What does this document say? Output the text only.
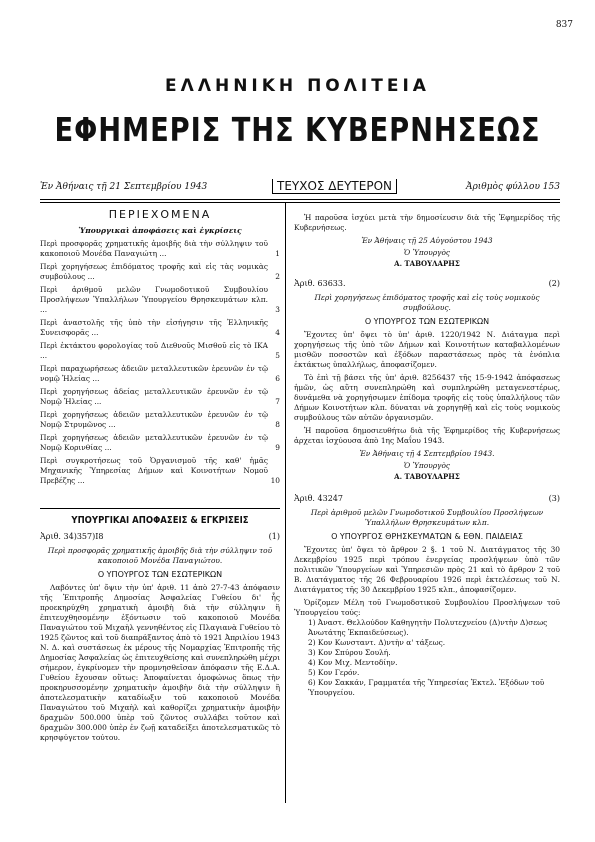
837
ΕΛΛΗΝΙΚΗ ΠΟΛΙΤΕΙΑ
ΕΦΗΜΕΡΙΣ ΤΗΣ ΚΥΒΕΡΝΗΣΕΩΣ
Ἐν Ἀθήναις τῇ 21 Σεπτεμβρίου 1943	ΤΕΥΧΟΣ ΔΕΥΤΕΡΟΝ	Ἀριθμὸς φύλλου 153
ΠΕΡΙΕΧΟΜΕΝΑ
Ὑπουργικαὶ ἀποφάσεις καὶ ἐγκρίσεις
Περὶ προσφορᾶς χρηματικῆς ἀμοιβῆς διὰ τὴν σύλληψιν τοῦ κακοποιοῦ Μονέδα Παναγιώτη ...	1
Περὶ χορηγήσεως ἐπιδόματος τροφῆς καὶ εἰς τὰς νομικὰς συμβούλους ...	2
Περὶ ἀριθμοῦ μελῶν Γνωμοδοτικοῦ Συμβουλίου Προσλήψεων Ὑπαλλήλων Ὑπουργείου Θρησκευμάτων κλπ. ...	3
Περὶ ἀναστολῆς τῆς ὑπὸ τὴν εἰσήγησιν τῆς Ἐλληνικῆς Συνεισφορᾶς ...	4
Περὶ ἐκτάκτου φορολογίας τοῦ Διεθνοῦς Μισθοῦ εἰς τὸ ΙΚΑ ...	5
Περὶ παραχωρήσεως ἀδειῶν μεταλλευτικῶν ἐρευνῶν ἐν τῷ νομῷ Ἠλείας ...	6
Περὶ χορηγήσεως ἀδείας μεταλλευτικῶν ἐρευνῶν ἐν τῷ Νομῷ Ἠλείας ...	7
Περὶ χορηγήσεως ἀδειῶν μεταλλευτικῶν ἐρευνῶν ἐν τῷ Νομῷ Στρυμῶνος ...	8
Περὶ χορηγήσεως ἀδειῶν μεταλλευτικῶν ἐρευνῶν ἐν τῷ Νομῷ Κορινθίας ...	9
Περὶ συγκροτήσεως τοῦ Ὀργανισμοῦ τῆς καθ' ἡμᾶς Μηχανικῆς Ὑπηρεσίας Δήμων καὶ Κοινοτήτων Νομοῦ Πρεβέζης ...	10
ΥΠΟΥΡΓΙΚΑΙ ΑΠΟΦΑΣΕΙΣ & ΕΓΚΡΙΣΕΙΣ
Ἀριθ. 34)357)Ι8	(1)
Περὶ προσφορᾶς χρηματικῆς ἀμοιβῆς διὰ τὴν σύλληψιν τοῦ κακοποιοῦ Μονέδα Παναγιώτου.
Ο ΥΠΟΥΡΓΟΣ ΤΩΝ ΕΣΩΤΕΡΙΚΩΝ
Λαβόντες ὑπ' ὄψιν τὴν ὑπ' ἀριθ. 11 ἀπὸ 27-7-43 ἀπόφασιν τῆς Ἐπιτροπῆς Δημοσίας Ἀσφαλείας Γυθείου δι' ἧς προεκηρύχθη χρηματικὴ ἀμοιβὴ διὰ τὴν σύλληψιν ἢ ἐπιτευχθησομένην ἐξόντωσιν τοῦ κακοποιοῦ Μονέδα Παναγιώτου τοῦ Μιχαὴλ γεννηθέντος εἰς Πλαγιανὰ Γυθείου τὸ 1925 ζῶντος καὶ τοῦ διαπράξαντος ἀπὸ τὸ 1921 Ἀπριλίου 1943 Ν. Δ. καὶ συστάσεως ἐκ μέρους τῆς Νομαρχίας Ἐπιτροπῆς τῆς Δημοσίας Ἀσφαλείας ὡς ἐπιτευχθείσης καὶ συνεπληρώθη μέχρι σήμερον, ἐγκρίνομεν τὴν προμνησθεῖσαν ἀπόφασιν τῆς Ε.Δ.Α. Γυθείου ἔχουσαν οὕτως: Ἀποφαίνεται ὁμοφώνως ὅπως τὴν προκηρυσσομένην χρηματικὴν ἀμοιβὴν διὰ τὴν σύλληψιν ἢ ἀποτελεσματικὴν καταδίωξιν τοῦ κακοποιοῦ Μονέδα Παναγιώτου τοῦ Μιχαὴλ καὶ καθορίζει χρηματικὴν ἀμοιβὴν δραχμῶν 500.000 ὑπὲρ τοῦ ζῶντος συλλάβει τοῦτον καὶ δραχμῶν 300.000 ὑπὲρ ἐν ζωῇ καταδείξει ἀποτελεσματικῶς τὸ κρησφύγετον τούτου.
Ἡ παροῦσα ἰσχύει μετὰ τὴν δημοσίευσιν διὰ τῆς Ἐφημερίδος τῆς Κυβερνήσεως.
Ἐν Ἀθήναις τῇ 25 Αὐγούστου 1943
Ὁ Ὑπουργὸς
Α. ΤΑΒΟΥΛΑΡΗΣ
Ἀριθ. 63633.	(2)
Περὶ χορηγήσεως ἐπιδόματος τροφῆς καὶ εἰς τοὺς νομικοὺς συμβούλους.
Ο ΥΠΟΥΡΓΟΣ ΤΩΝ ΕΣΩΤΕΡΙΚΩΝ
Ἔχοντες ὑπ' ὄψει τὸ ὑπ' ἀριθ. 1220/1942 Ν. Διάταγμα περὶ χορηγήσεως τῆς ὑπὸ τῶν Δήμων καὶ Κοινοτήτων καταβαλλομένων μισθῶν ποσοστῶν καὶ ἐξόδων παραστάσεως πρὸς τὰ ἐνόπλια ἐκτάκτως ὑπαλλήλως, ἀποφασίζομεν.
Τὸ ἐπὶ τῇ βάσει τῆς ὑπ' ἀριθ. 8256437 τῆς 15-9-1942 ἀπόφασεως ἡμῶν, ὡς αὕτη συνεπληρώθη καὶ συμπληρώθη μεταγενεστέρως, δυνάμεθα νὰ χορηγήσωμεν ἐπίδομα τροφῆς εἰς τοὺς ὑπαλλήλους τῶν Δήμων Κοινοτήτων κλπ. δύναται νὰ χορηγηθῇ καὶ εἰς τοὺς νομικοὺς συμβούλους τῶν αὐτῶν ὀργανισμῶν.
Ἡ παροῦσα δημοσιευθήτω διὰ τῆς Ἐφημερίδος τῆς Κυβερνήσεως ἀρχεται ἰσχύουσα ἀπὸ 1ης Μαΐου 1943.
Ἐν Ἀθήναις τῇ 4 Σεπτεμβρίου 1943.
Ὁ Ὑπουργὸς
Α. ΤΑΒΟΥΛΑΡΗΣ
Ἀριθ. 43247	(3)
Περὶ ἀριθμοῦ μελῶν Γνωμοδοτικοῦ Συμβουλίου Προσλήψεων Ὑπαλλήλων Θρησκευμάτων κλπ.
Ο ΥΠΟΥΡΓΟΣ ΘΡΗΣΚΕΥΜΑΤΩΝ & ΕΘΝ. ΠΑΙΔΕΙΑΣ
Ἔχοντες ὑπ' ὄψει τὸ ἄρθρον 2 §. 1 τοῦ Ν. Διατάγματος τῆς 30 Δεκεμβρίου 1925 περὶ τρόπου ἐνεργείας προσλήψεων ὑπὸ τῶν πολιτικῶν Ὑπουργείων καὶ Ὑπηρεσιῶν πρὸς 21 καὶ τὸ ἄρθρον 2 τοῦ Β. Διατάγματος τῆς 26 Φεβρουαρίου 1926 περὶ ἐκτελέσεως τοῦ Ν. Διατάγματος τῆς 30 Δεκεμβρίου 1925 κλπ., ἀποφασίζομεν.
Ὁρίζομεν Μέλη τοῦ Γνωμοδοτικοῦ Συμβουλίου Προσλήψεων τοῦ Ὑπουργείου τούς:
1) Ἀναστ. Θελλούδον Καθηγητὴν Πολυτεχνείου (Δ)ντὴν Δ)σεως Ἀνωτάτης Ἐκπαιδεύσεως).
2) Κον Κωνσταντ. Δ)ντὴν α' τάξεως.
3) Κον Σπύρου Σουλή.
4) Κον Μιχ. Μεντοδίην.
5) Κον Γερόν.
6) Κον Σακκάν, Γραμματέα τῆς Ὑπηρεσίας Ἐκτελ. Ἐξόδων τοῦ Ὑπουργείου.
